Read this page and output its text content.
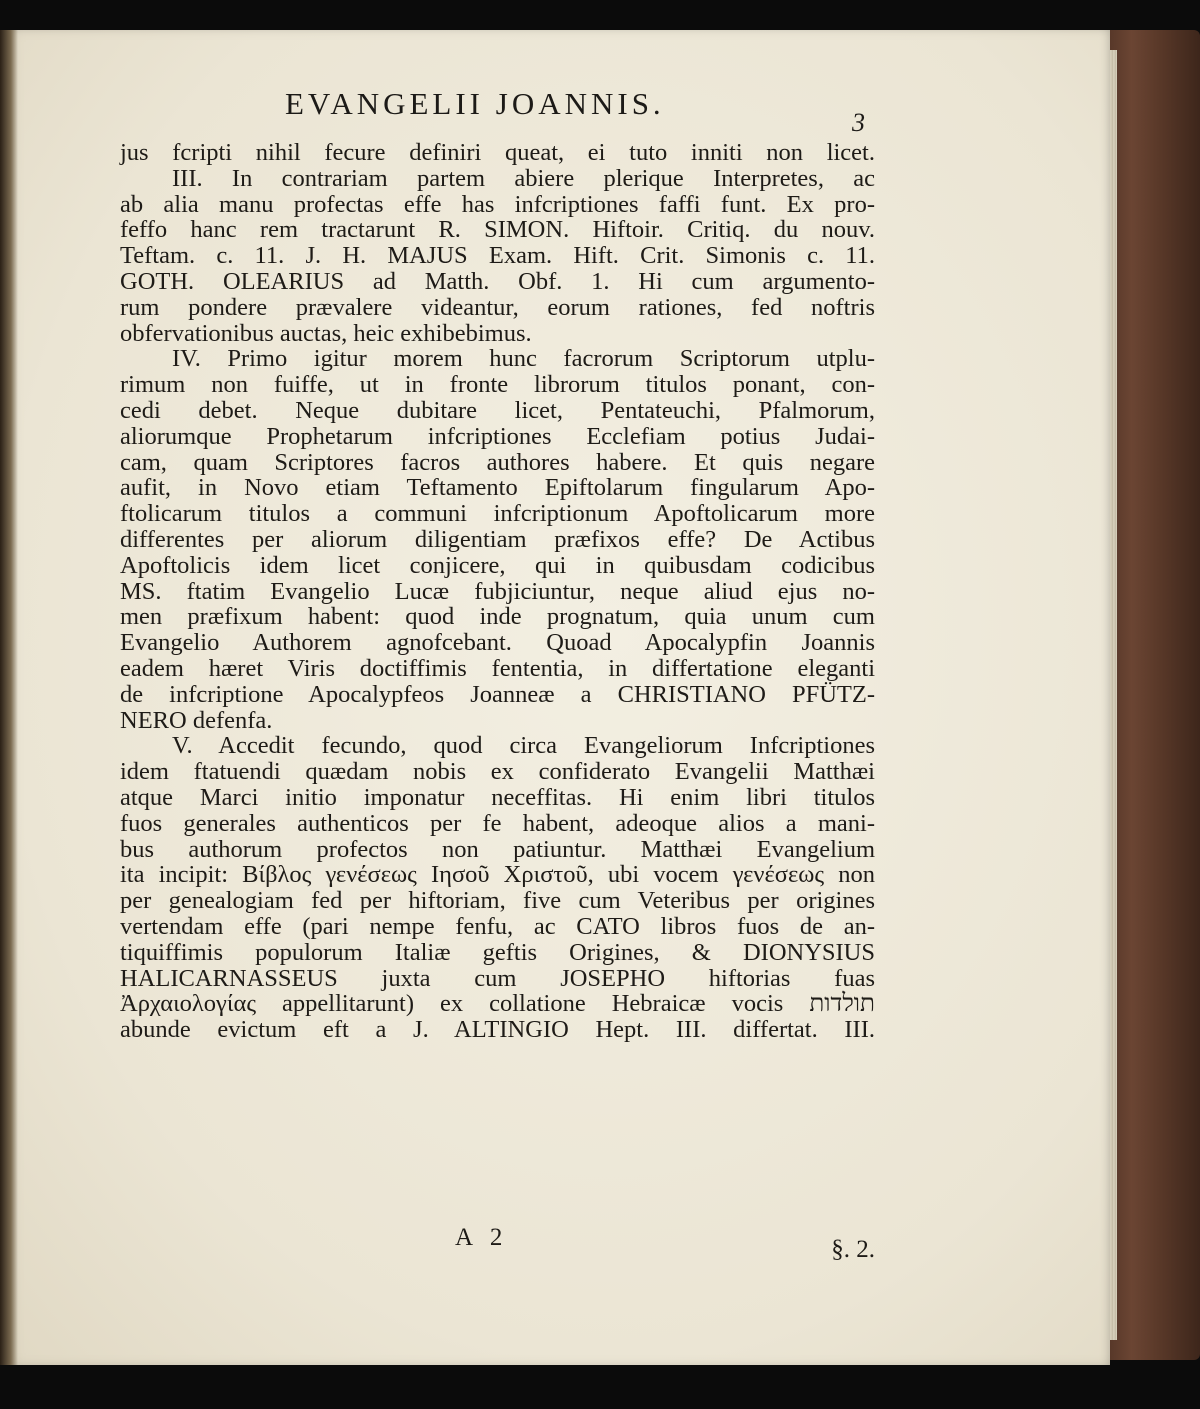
EVANGELII JOANNIS.
3
jus fcripti nihil fecure definiri queat, ei tuto inniti non licet.
III. In contrariam partem abiere plerique Interpretes, ac
ab alia manu profectas effe has infcriptiones faffi funt. Ex pro-
feffo hanc rem tractarunt R. SIMON. Hiftoir. Critiq. du nouv.
Teftam. c. 11. J. H. MAJUS Exam. Hift. Crit. Simonis c. 11.
GOTH. OLEARIUS ad Matth. Obf. 1. Hi cum argumento-
rum pondere prævalere videantur, eorum rationes, fed noftris
obfervationibus auctas, heic exhibebimus.
IV. Primo igitur morem hunc facrorum Scriptorum utplu-
rimum non fuiffe, ut in fronte librorum titulos ponant, con-
cedi debet. Neque dubitare licet, Pentateuchi, Pfalmorum,
aliorumque Prophetarum infcriptiones Ecclefiam potius Judai-
cam, quam Scriptores facros authores habere. Et quis negare
aufit, in Novo etiam Teftamento Epiftolarum fingularum Apo-
ftolicarum titulos a communi infcriptionum Apoftolicarum more
differentes per aliorum diligentiam præfixos effe? De Actibus
Apoftolicis idem licet conjicere, qui in quibusdam codicibus
MS. ftatim Evangelio Lucæ fubjiciuntur, neque aliud ejus no-
men præfixum habent: quod inde prognatum, quia unum cum
Evangelio Authorem agnofcebant. Quoad Apocalypfin Joannis
eadem hæret Viris doctiffimis fententia, in differtatione eleganti
de infcriptione Apocalypfeos Joanneæ a CHRISTIANO PFÜTZ-
NERO defenfa.
V. Accedit fecundo, quod circa Evangeliorum Infcriptiones
idem ftatuendi quædam nobis ex confiderato Evangelii Matthæi
atque Marci initio imponatur neceffitas. Hi enim libri titulos
fuos generales authenticos per fe habent, adeoque alios a mani-
bus authorum profectos non patiuntur. Matthæi Evangelium
ita incipit: Βίβλος γενέσεως Ιησοῦ Χριστοῦ, ubi vocem γενέσεως non
per genealogiam fed per hiftoriam, five cum Veteribus per origines
vertendam effe (pari nempe fenfu, ac CATO libros fuos de an-
tiquiffimis populorum Italiæ geftis Origines, & DIONYSIUS
HALICARNASSEUS juxta cum JOSEPHO hiftorias fuas
Ἀρχαιολογίας appellitarunt) ex collatione Hebraicæ vocis תולדות
abunde evictum eft a J. ALTINGIO Hept. III. differtat. III.
A 2	§. 2.
